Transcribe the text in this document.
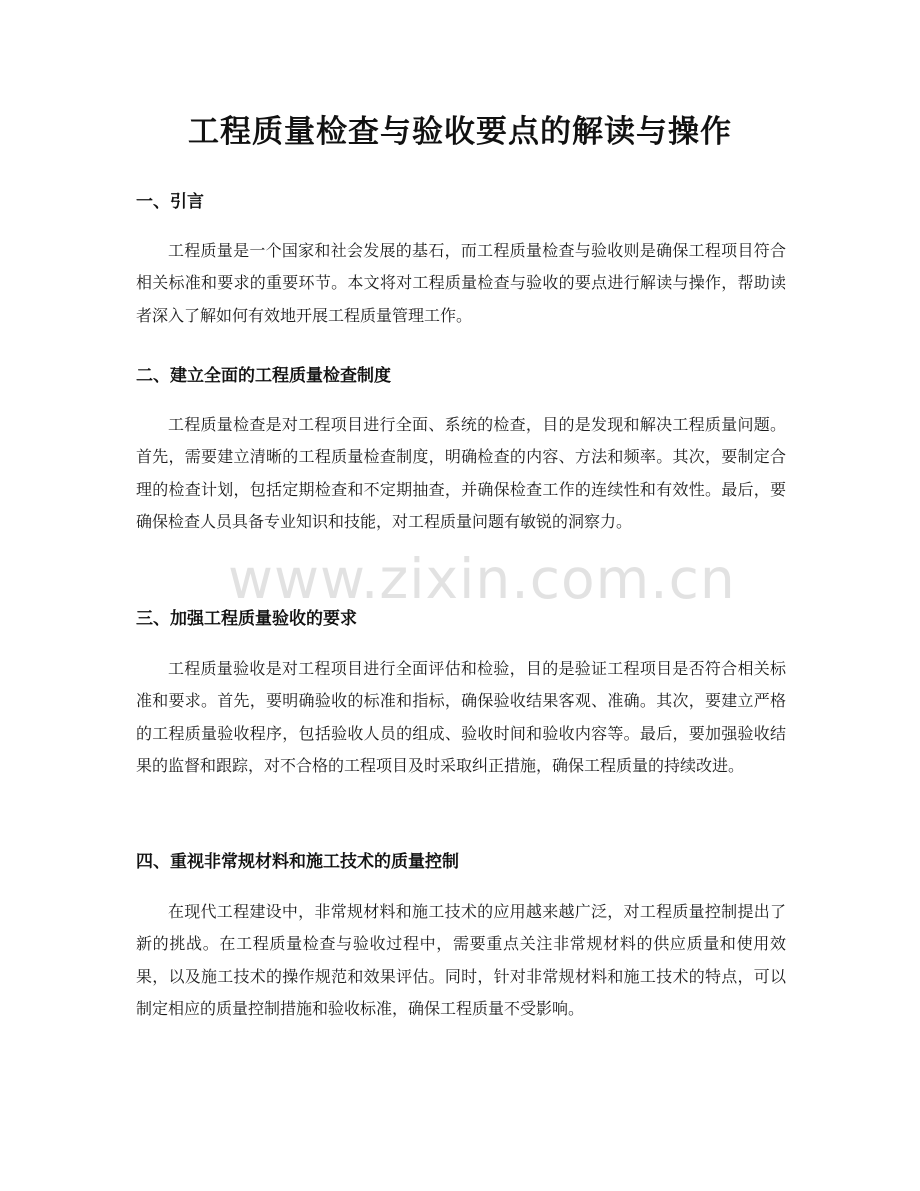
工程质量检查与验收要点的解读与操作
一、引言
工程质量是一个国家和社会发展的基石，而工程质量检查与验收则是确保工程项目符合相关标准和要求的重要环节。本文将对工程质量检查与验收的要点进行解读与操作，帮助读者深入了解如何有效地开展工程质量管理工作。
二、建立全面的工程质量检查制度
工程质量检查是对工程项目进行全面、系统的检查，目的是发现和解决工程质量问题。首先，需要建立清晰的工程质量检查制度，明确检查的内容、方法和频率。其次，要制定合理的检查计划，包括定期检查和不定期抽查，并确保检查工作的连续性和有效性。最后，要确保检查人员具备专业知识和技能，对工程质量问题有敏锐的洞察力。
三、加强工程质量验收的要求
工程质量验收是对工程项目进行全面评估和检验，目的是验证工程项目是否符合相关标准和要求。首先，要明确验收的标准和指标，确保验收结果客观、准确。其次，要建立严格的工程质量验收程序，包括验收人员的组成、验收时间和验收内容等。最后，要加强验收结果的监督和跟踪，对不合格的工程项目及时采取纠正措施，确保工程质量的持续改进。
四、重视非常规材料和施工技术的质量控制
在现代工程建设中，非常规材料和施工技术的应用越来越广泛，对工程质量控制提出了新的挑战。在工程质量检查与验收过程中，需要重点关注非常规材料的供应质量和使用效果，以及施工技术的操作规范和效果评估。同时，针对非常规材料和施工技术的特点，可以制定相应的质量控制措施和验收标准，确保工程质量不受影响。
www.zixin.com.cn
